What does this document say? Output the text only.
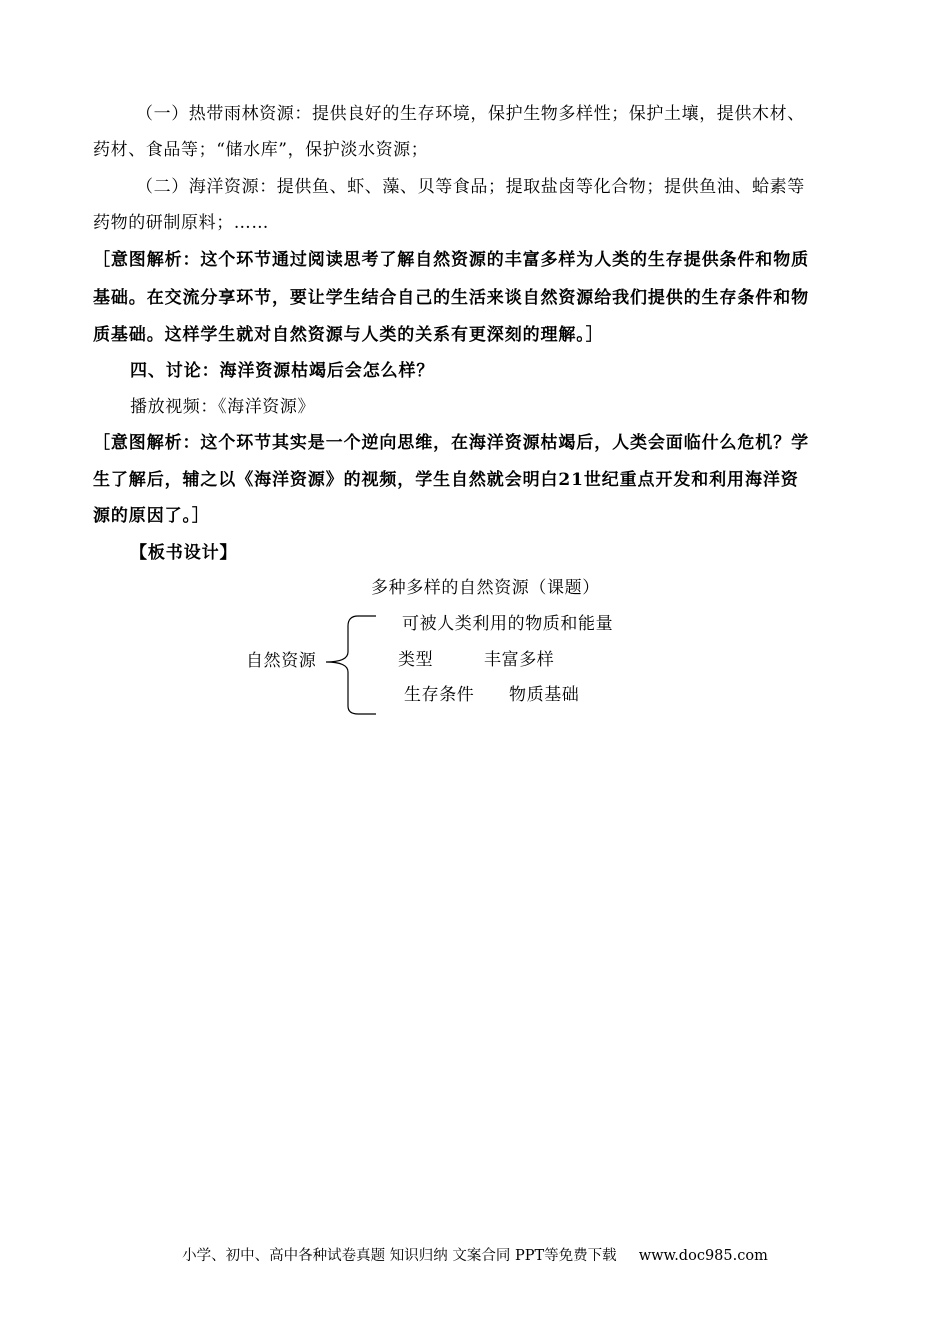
（一）热带雨林资源：提供良好的生存环境，保护生物多样性；保护土壤，提供木材、
药材、食品等；“储水库”，保护淡水资源；
（二）海洋资源：提供鱼、虾、藻、贝等食品；提取盐卤等化合物；提供鱼油、蛤素等
药物的研制原料；……
［意图解析：这个环节通过阅读思考了解自然资源的丰富多样为人类的生存提供条件和物质
基础。在交流分享环节，要让学生结合自己的生活来谈自然资源给我们提供的生存条件和物
质基础。这样学生就对自然资源与人类的关系有更深刻的理解。］
四、讨论：海洋资源枯竭后会怎么样？
播放视频：《海洋资源》
［意图解析：这个环节其实是一个逆向思维，在海洋资源枯竭后，人类会面临什么危机？学
生了解后，辅之以《海洋资源》的视频，学生自然就会明白21世纪重点开发和利用海洋资
源的原因了。］
【板书设计】
多种多样的自然资源（课题）
自然资源
可被人类利用的物质和能量
类型	丰富多样
生存条件 物质基础
小学、初中、高中各种试卷真题 知识归纳 文案合同 PPT等免费下载 www.doc985.com
